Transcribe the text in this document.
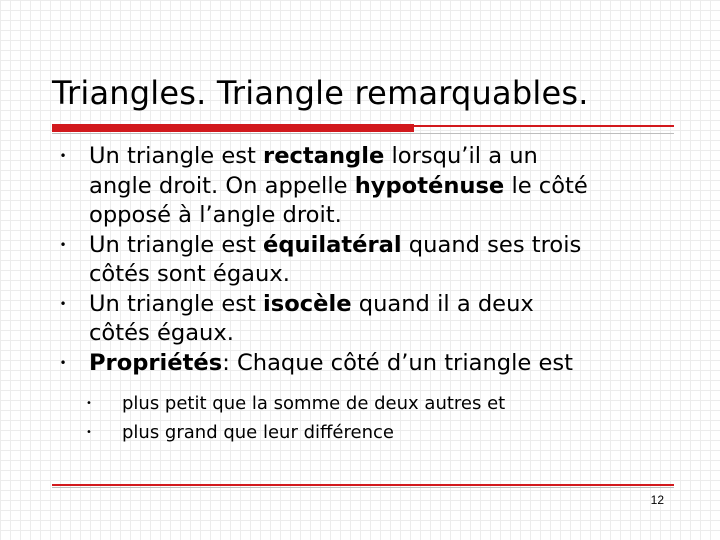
Triangles. Triangle remarquables.
• Un triangle est rectangle lorsqu’il a un
angle droit. On appelle hypoténuse le côté
opposé à l’angle droit.
• Un triangle est équilatéral quand ses trois
côtés sont égaux.
• Un triangle est isocèle quand il a deux
côtés égaux.
• Propriétés: Chaque côté d’un triangle est
• plus petit que la somme de deux autres et
• plus grand que leur différence
12
